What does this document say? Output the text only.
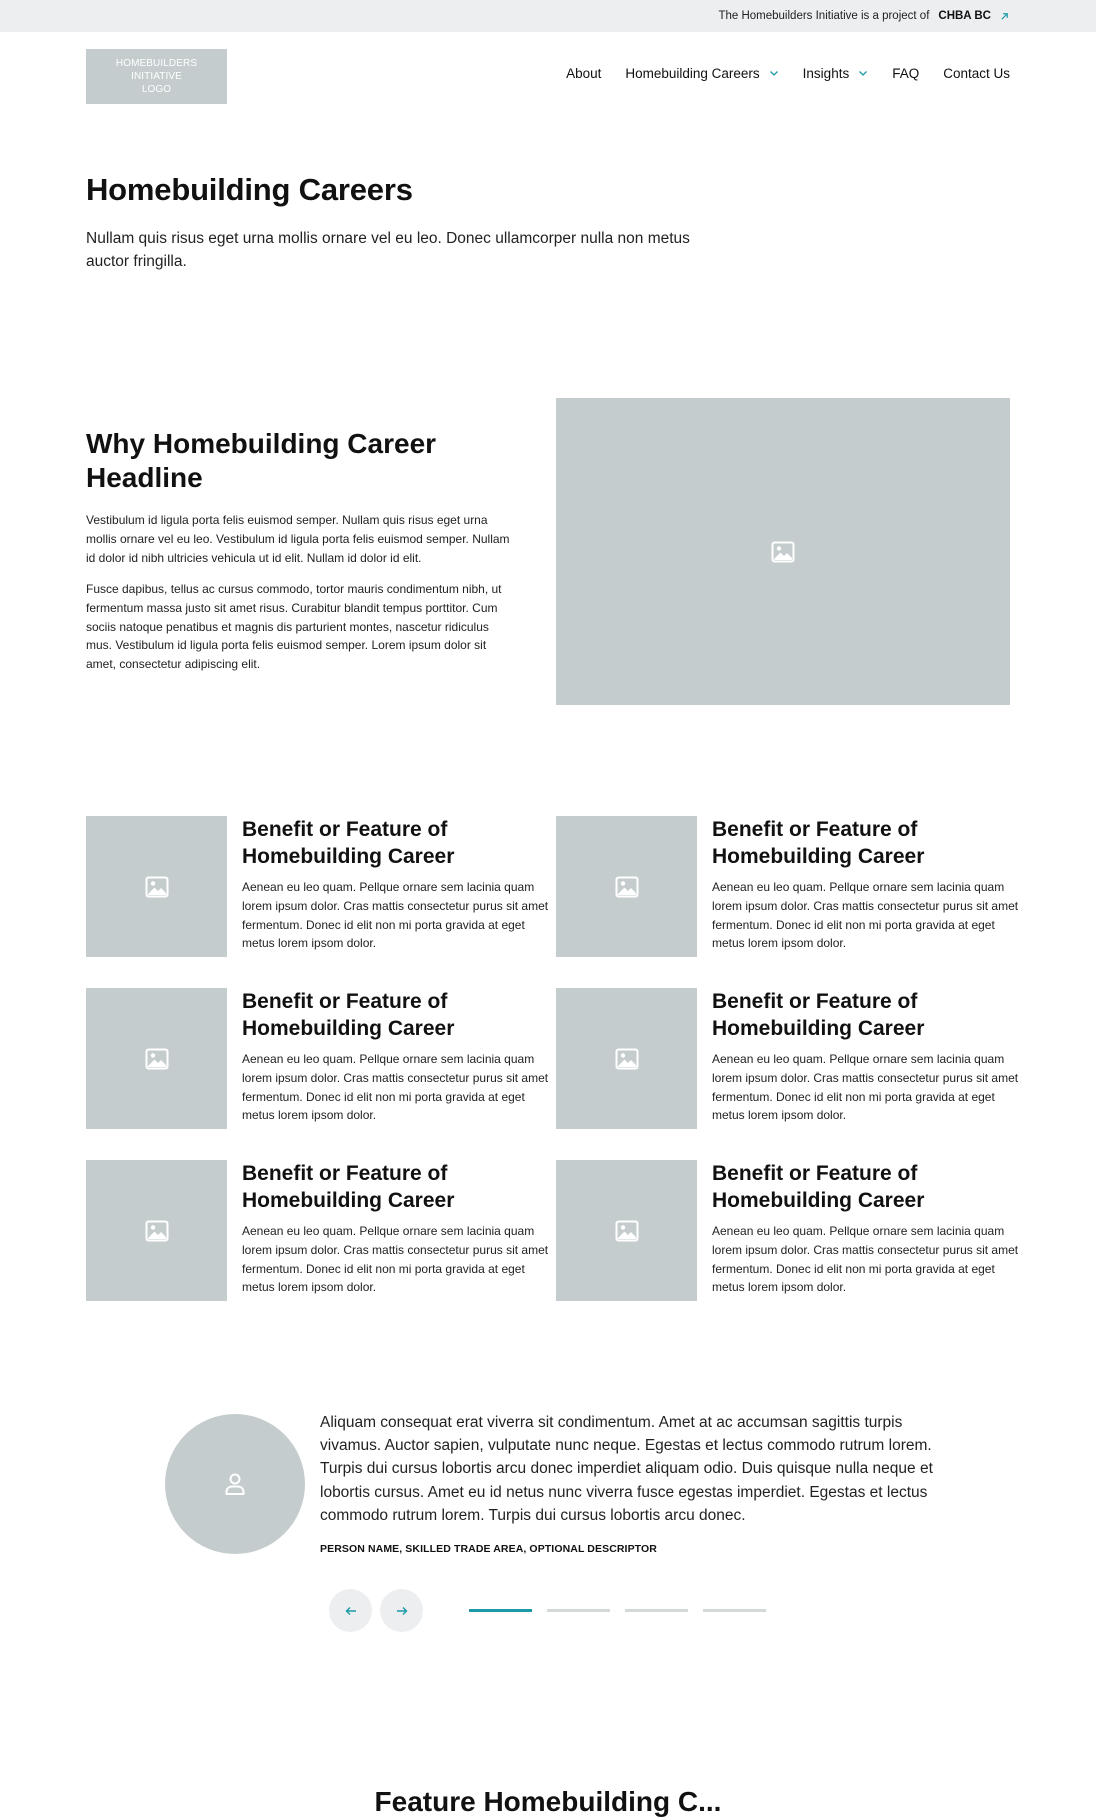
The Homebuilders Initiative is a project of CHBA BC
HOMEBUILDERS INITIATIVE LOGO
About Homebuilding Careers	Insights	FAQ Contact Us
Homebuilding Careers

Nullam quis risus eget urna mollis ornare vel eu leo. Donec ullamcorper nulla non metus auctor fringilla.

Why Homebuilding Career Headline

Vestibulum id ligula porta felis euismod semper. Nullam quis risus eget urna mollis ornare vel eu leo. Vestibulum id ligula porta felis euismod semper. Nullam id dolor id nibh ultricies vehicula ut id elit. Nullam id dolor id elit.

Fusce dapibus, tellus ac cursus commodo, tortor mauris condimentum nibh, ut fermentum massa justo sit amet risus. Curabitur blandit tempus porttitor. Cum sociis natoque penatibus et magnis dis parturient montes, nascetur ridiculus mus. Vestibulum id ligula porta felis euismod semper. Lorem ipsum dolor sit amet, consectetur adipiscing elit.

Benefit or Feature of Homebuilding Career
Aenean eu leo quam. Pellque ornare sem lacinia quam lorem ipsum dolor. Cras mattis consectetur purus sit amet fermentum. Donec id elit non mi porta gravida at eget metus lorem ipsom dolor.
Benefit or Feature of Homebuilding Career
Aenean eu leo quam. Pellque ornare sem lacinia quam lorem ipsum dolor. Cras mattis consectetur purus sit amet fermentum. Donec id elit non mi porta gravida at eget metus lorem ipsom dolor.
Benefit or Feature of Homebuilding Career
Aenean eu leo quam. Pellque ornare sem lacinia quam lorem ipsum dolor. Cras mattis consectetur purus sit amet fermentum. Donec id elit non mi porta gravida at eget metus lorem ipsom dolor.
Benefit or Feature of Homebuilding Career
Aenean eu leo quam. Pellque ornare sem lacinia quam lorem ipsum dolor. Cras mattis consectetur purus sit amet fermentum. Donec id elit non mi porta gravida at eget metus lorem ipsom dolor.
Benefit or Feature of Homebuilding Career
Aenean eu leo quam. Pellque ornare sem lacinia quam lorem ipsum dolor. Cras mattis consectetur purus sit amet fermentum. Donec id elit non mi porta gravida at eget metus lorem ipsom dolor.
Benefit or Feature of Homebuilding Career
Aenean eu leo quam. Pellque ornare sem lacinia quam lorem ipsum dolor. Cras mattis consectetur purus sit amet fermentum. Donec id elit non mi porta gravida at eget metus lorem ipsom dolor.

Aliquam consequat erat viverra sit condimentum. Amet at ac accumsan sagittis turpis vivamus. Auctor sapien, vulputate nunc neque. Egestas et lectus commodo rutrum lorem. Turpis dui cursus lobortis arcu donec imperdiet aliquam odio. Duis quisque nulla neque et lobortis cursus. Amet eu id netus nunc viverra fusce egestas imperdiet. Egestas et lectus commodo rutrum lorem. Turpis dui cursus lobortis arcu donec.

PERSON NAME, SKILLED TRADE AREA, OPTIONAL DESCRIPTOR
Feature Homebuilding C...
